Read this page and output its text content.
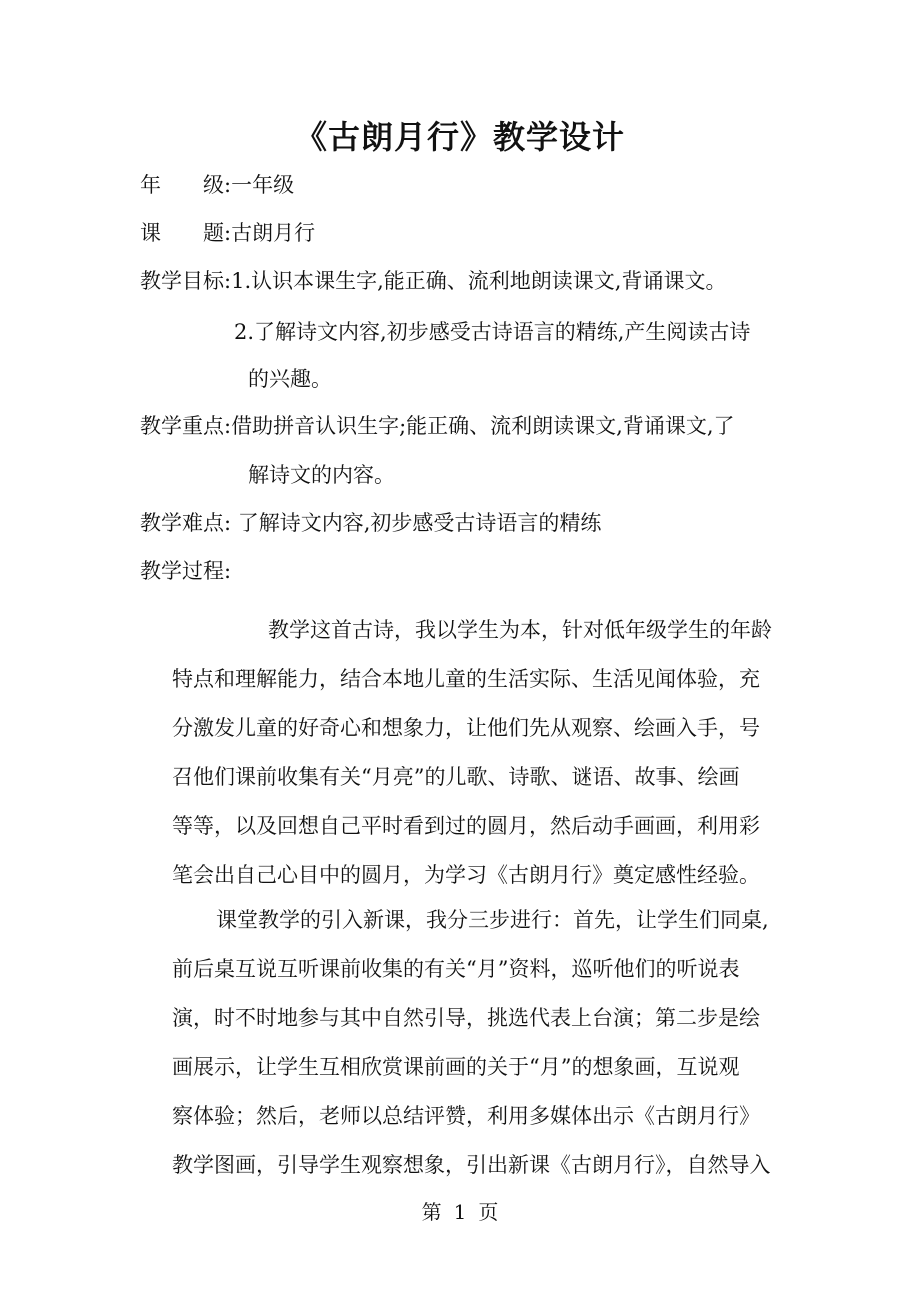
《古朗月行》教学设计
年　　级:一年级
课　　题:古朗月行
教学目标:1.认识本课生字,能正确、流利地朗读课文,背诵课文。
2.了解诗文内容,初步感受古诗语言的精练,产生阅读古诗
的兴趣。
教学重点:借助拼音认识生字;能正确、流利朗读课文,背诵课文,了
解诗文的内容。
教学难点: 了解诗文内容,初步感受古诗语言的精练
教学过程:
教学这首古诗，我以学生为本，针对低年级学生的年龄
特点和理解能力，结合本地儿童的生活实际、生活见闻体验，充
分激发儿童的好奇心和想象力，让他们先从观察、绘画入手，号
召他们课前收集有关“月亮”的儿歌、诗歌、谜语、故事、绘画
等等，以及回想自己平时看到过的圆月，然后动手画画，利用彩
笔会出自己心目中的圆月，为学习《古朗月行》奠定感性经验。
课堂教学的引入新课，我分三步进行：首先，让学生们同桌,
前后桌互说互听课前收集的有关“月”资料，巡听他们的听说表
演，时不时地参与其中自然引导，挑选代表上台演；第二步是绘
画展示，让学生互相欣赏课前画的关于“月”的想象画，互说观
察体验；然后，老师以总结评赞，利用多媒体出示《古朗月行》
教学图画，引导学生观察想象，引出新课《古朗月行》，自然导入
第 1 页
